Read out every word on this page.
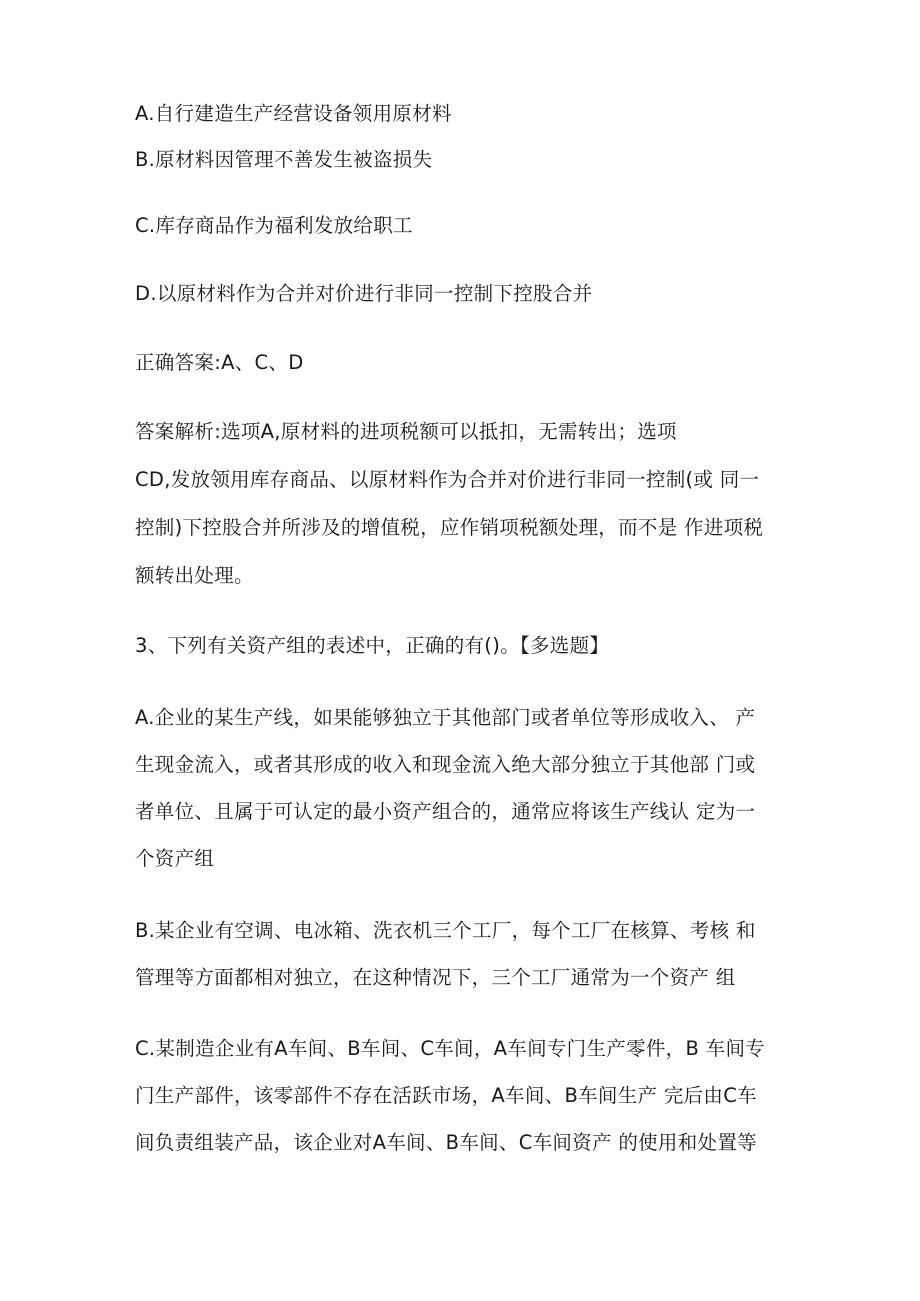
A.自行建造生产经营设备领用原材料
B.原材料因管理不善发生被盗损失
C.库存商品作为福利发放给职工
D.以原材料作为合并对价进行非同一控制下控股合并
正确答案:A、C、D
答案解析:选项A,原材料的进项税额可以抵扣，无需转出；选项
CD,发放领用库存商品、以原材料作为合并对价进行非同一控制(或 同一
控制)下控股合并所涉及的增值税，应作销项税额处理，而不是 作进项税
额转出处理。
3、下列有关资产组的表述中，正确的有()。【多选题】
A.企业的某生产线，如果能够独立于其他部门或者单位等形成收入、 产
生现金流入，或者其形成的收入和现金流入绝大部分独立于其他部 门或
者单位、且属于可认定的最小资产组合的，通常应将该生产线认 定为一
个资产组
B.某企业有空调、电冰箱、洗衣机三个工厂，每个工厂在核算、考核 和
管理等方面都相对独立，在这种情况下，三个工厂通常为一个资产 组
C.某制造企业有A车间、B车间、C车间，A车间专门生产零件，B 车间专
门生产部件，该零部件不存在活跃市场，A车间、B车间生产 完后由C车
间负责组装产品，该企业对A车间、B车间、C车间资产 的使用和处置等
